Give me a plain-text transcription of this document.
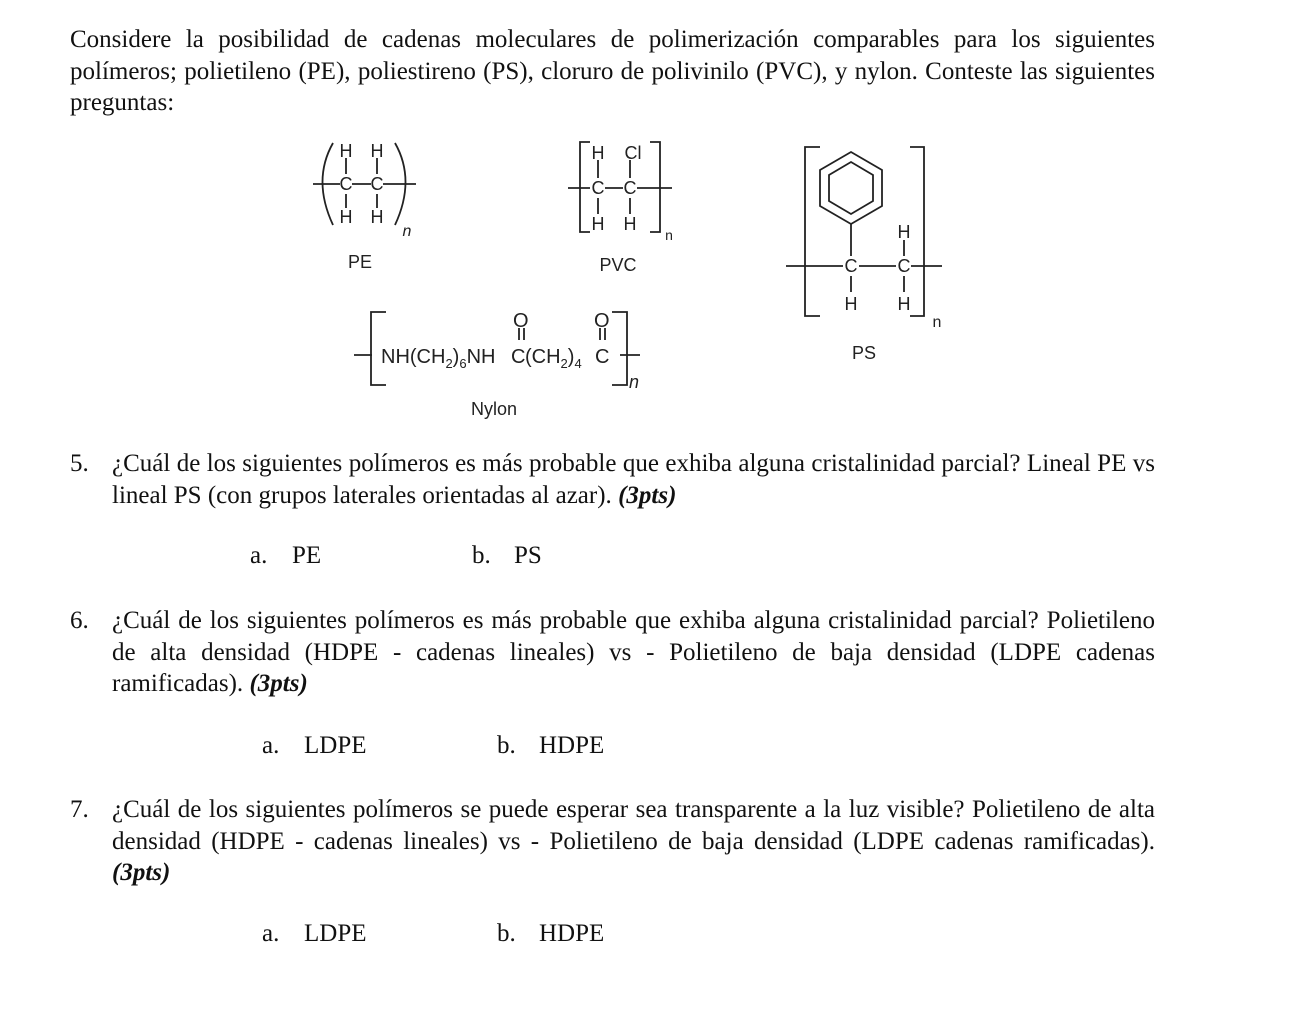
Considere la posibilidad de cadenas moleculares de polimerización comparables para los siguientes polímeros; polietileno (PE), poliestireno (PS), cloruro de polivinilo (PVC), y nylon. Conteste las siguientes preguntas:
H H
C C
H H
n
PE
H Cl
C C
H H
n
PVC
H
C C
H H
n
PS
$NH(CH_2)_6NH$ C $(CH_2)_4$ C
O	O
n
Nylon
5. ¿Cuál de los siguientes polímeros es más probable que exhiba alguna cristalinidad parcial? Lineal PE vs lineal PS (con grupos laterales orientadas al azar). (3pts)
a. PE	b. PS
6. ¿Cuál de los siguientes polímeros es más probable que exhiba alguna cristalinidad parcial? Polietileno de alta densidad (HDPE - cadenas lineales) vs - Polietileno de baja densidad (LDPE cadenas ramificadas). (3pts)
a. LDPE	b. HDPE
7. ¿Cuál de los siguientes polímeros se puede esperar sea transparente a la luz visible? Polietileno de alta densidad (HDPE - cadenas lineales) vs - Polietileno de baja densidad (LDPE cadenas ramificadas). (3pts)
a. LDPE	b. HDPE
